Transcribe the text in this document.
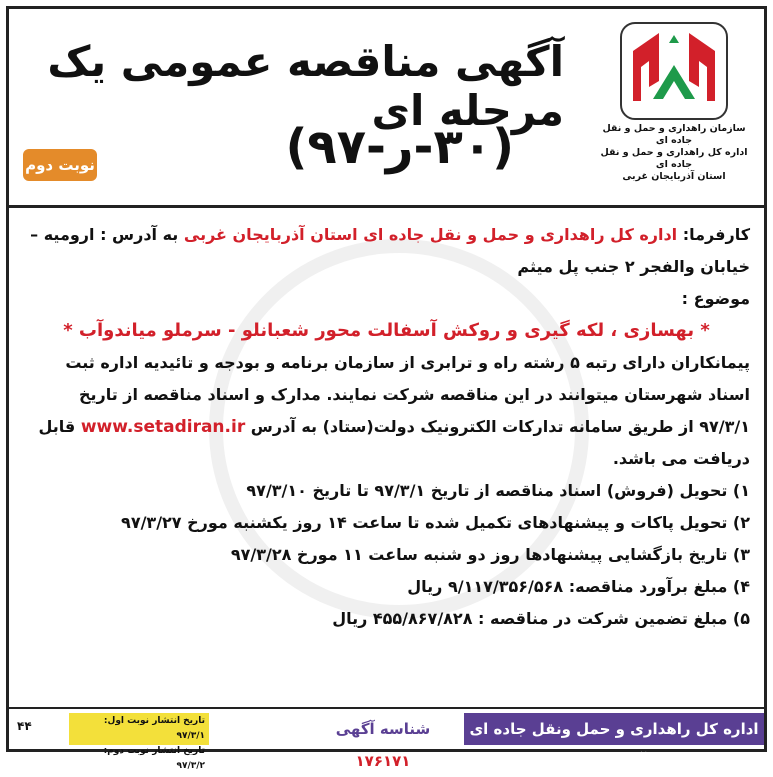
سازمان راهداری و حمل و نقل جاده ای
اداره کل راهداری و حمل و نقل جاده ای
استان آذربایجان غربی
آگهی مناقصه عمومی یک مرحله ای
(۳۰-ر-۹۷)
نوبت دوم

کارفرما: اداره کل راهداری و حمل و نقل جاده ای استان آذربایجان غربی به آدرس : ارومیه – خیابان والفجر ۲ جنب پل میثم

موضوع :

* بهسازی ، لکه گیری و روکش آسفالت محور شعبانلو - سرملو میاندوآب *

پیمانکاران دارای رتبه ۵ رشته راه و ترابری از سازمان برنامه و بودجه و تائیدیه اداره ثبت اسناد شهرستان میتوانند در این مناقصه شرکت نمایند. مدارک و اسناد مناقصه از تاریخ ۹۷/۳/۱ از طریق سامانه تدارکات الکترونیک دولت(ستاد) به آدرس www.setadiran.ir قابل دریافت می باشد.

۱) تحویل (فروش) اسناد مناقصه از تاریخ ۹۷/۳/۱ تا تاریخ ۹۷/۳/۱۰

۲) تحویل پاکات و پیشنهادهای تکمیل شده تا ساعت ۱۴ روز یکشنبه مورخ ۹۷/۳/۲۷

۳) تاریخ بازگشایی پیشنهادها روز دو شنبه ساعت ۱۱ مورخ ۹۷/۳/۲۸

۴) مبلغ برآورد مناقصه: ۹/۱۱۷/۳۵۶/۵۶۸ ریال

۵) مبلغ تضمین شرکت در مناقصه : ۴۵۵/۸۶۷/۸۲۸ ریال

اداره کل راهداری و حمل ونقل جاده ای استان آذربایجان غربی
شناسه آگهی ۱۷۶۱۷۱
تاریخ انتشار نوبت اول: ۹۷/۳/۱
تاریخ انتشار نوبت دوم: ۹۷/۳/۲
۴۴
